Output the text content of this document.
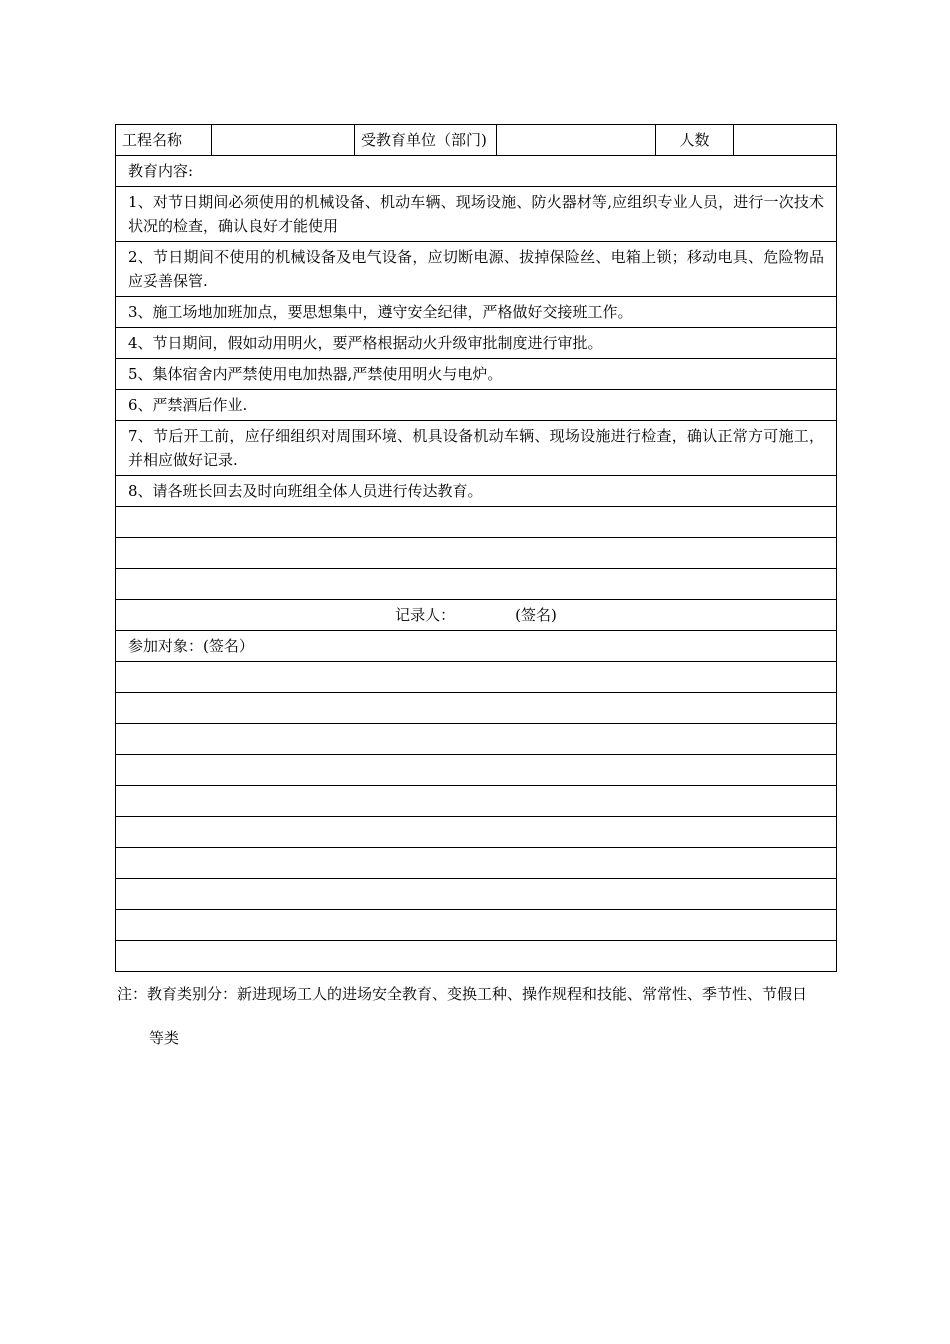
工程名称		受教育单位（部门)		人数	
教育内容:
1、对节日期间必须使用的机械设备、机动车辆、现场设施、防火器材等,应组织专业人员，进行一次技术状况的检查，确认良好才能使用
2、节日期间不使用的机械设备及电气设备，应切断电源、拔掉保险丝、电箱上锁；移动电具、危险物品应妥善保管.
3、施工场地加班加点，要思想集中，遵守安全纪律，严格做好交接班工作。
4、节日期间，假如动用明火，要严格根据动火升级审批制度进行审批。
5、集体宿舍内严禁使用电加热器,严禁使用明火与电炉。
6、严禁酒后作业.
7、节后开工前，应仔细组织对周围环境、机具设备机动车辆、现场设施进行检查，确认正常方可施工，并相应做好记录.
8、请各班长回去及时向班组全体人员进行传达教育。

记录人：	(签名)
参加对象：(签名）

注：教育类别分：新进现场工人的进场安全教育、变换工种、操作规程和技能、常常性、季节性、节假日
等类
